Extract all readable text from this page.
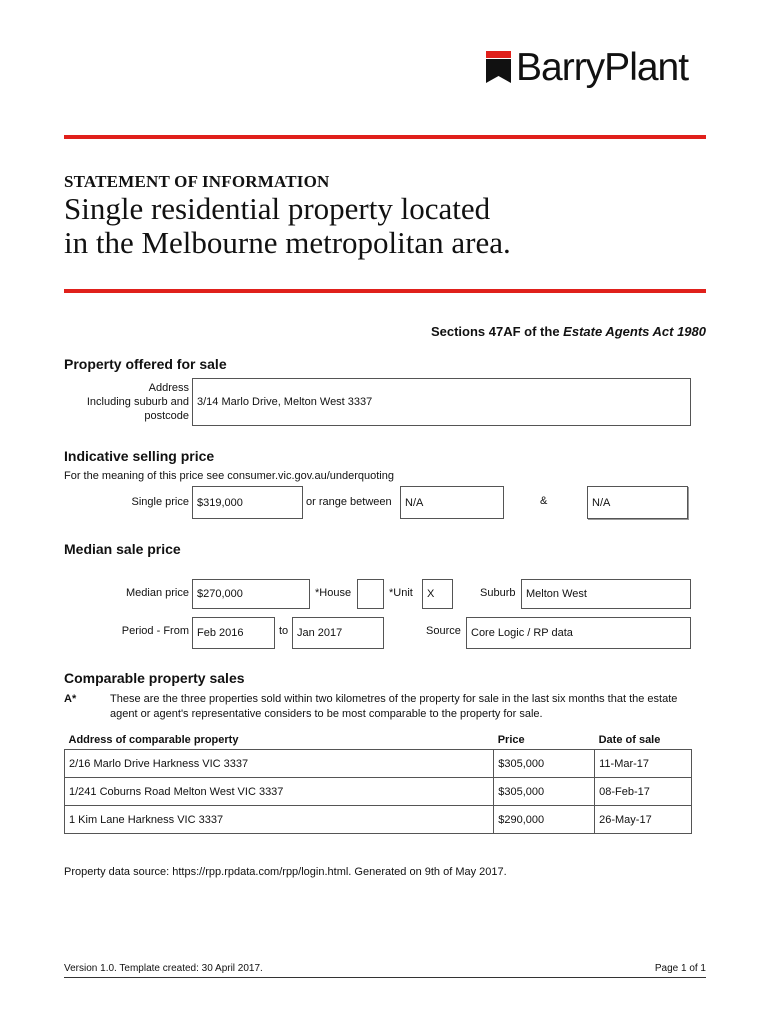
BarryPlant
STATEMENT OF INFORMATION
Single residential property located
in the Melbourne metropolitan area.
Sections 47AF of the Estate Agents Act 1980
Property offered for sale
Address
Including suburb and
postcode
3/14 Marlo Drive, Melton West 3337
Indicative selling price
For the meaning of this price see consumer.vic.gov.au/underquoting
Single price $319,000	or range between	N/A	&	N/A
Median sale price
Median price $270,000	*House	*Unit	X	Suburb Melton West
Period - From Feb 2016	to Jan 2017	Source Core Logic / RP data
Comparable property sales
A*	These are the three properties sold within two kilometres of the property for sale in the last six months that the estate agent or agent's representative considers to be most comparable to the property for sale.
Address of comparable property	Price	Date of sale
2/16 Marlo Drive Harkness VIC 3337	$305,000	11-Mar-17
1/241 Coburns Road Melton West VIC 3337	$305,000	08-Feb-17
1 Kim Lane Harkness VIC 3337	$290,000	26-May-17
Property data source: https://rpp.rpdata.com/rpp/login.html. Generated on 9th of May 2017.
Version 1.0. Template created: 30 April 2017.	Page 1 of 1
